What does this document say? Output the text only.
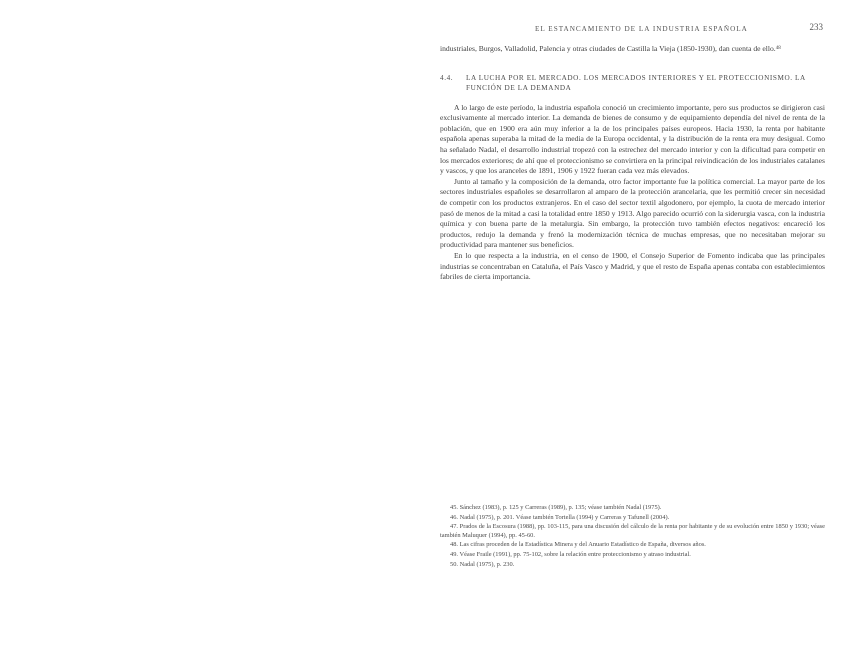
EL ESTANCAMIENTO DE LA INDUSTRIA ESPAÑOLA	233

industriales, Burgos, Valladolid, Palencia y otras ciudades de Castilla la Vieja (1850-1930), dan cuenta de ello.$^{48}$

4.4.	LA LUCHA POR EL MERCADO. LOS MERCADOS INTERIORES Y EL PROTECCIONISMO. LA FUNCIÓN DE LA DEMANDA

A lo largo de este período, la industria española conoció un crecimiento importante, pero sus productos se dirigieron casi exclusivamente al mercado interior. La demanda de bienes de consumo y de equipamiento dependía del nivel de renta de la población, que en 1900 era aún muy inferior a la de los principales países europeos. Hacia 1930, la renta por habitante española apenas superaba la mitad de la media de la Europa occidental, y la distribución de la renta era muy desigual. Como ha señalado Nadal, el desarrollo industrial tropezó con la estrechez del mercado interior y con la dificultad para competir en los mercados exteriores; de ahí que el proteccionismo se convirtiera en la principal reivindicación de los industriales catalanes y vascos, y que los aranceles de 1891, 1906 y 1922 fueran cada vez más elevados.

Junto al tamaño y la composición de la demanda, otro factor importante fue la política comercial. La mayor parte de los sectores industriales españoles se desarrollaron al amparo de la protección arancelaria, que les permitió crecer sin necesidad de competir con los productos extranjeros. En el caso del sector textil algodonero, por ejemplo, la cuota de mercado interior pasó de menos de la mitad a casi la totalidad entre 1850 y 1913. Algo parecido ocurrió con la siderurgia vasca, con la industria química y con buena parte de la metalurgia. Sin embargo, la protección tuvo también efectos negativos: encareció los productos, redujo la demanda y frenó la modernización técnica de muchas empresas, que no necesitaban mejorar su productividad para mantener sus beneficios.

En lo que respecta a la industria, en el censo de 1900, el Consejo Superior de Fomento indicaba que las principales industrias se concentraban en Cataluña, el País Vasco y Madrid, y que el resto de España apenas contaba con establecimientos fabriles de cierta importancia.

45. Sánchez (1983), p. 125 y Carreras (1989), p. 135; véase también Nadal (1975).

46. Nadal (1975), p. 201. Véase también Tortella (1994) y Carreras y Tafunell (2004).

47. Prados de la Escosura (1988), pp. 103-115, para una discusión del cálculo de la renta por habitante y de su evolución entre 1850 y 1930; véase también Maluquer (1994), pp. 45-60.

48. Las cifras proceden de la Estadística Minera y del Anuario Estadístico de España, diversos años.

49. Véase Fraile (1991), pp. 75-102, sobre la relación entre proteccionismo y atraso industrial.

50. Nadal (1975), p. 230.
